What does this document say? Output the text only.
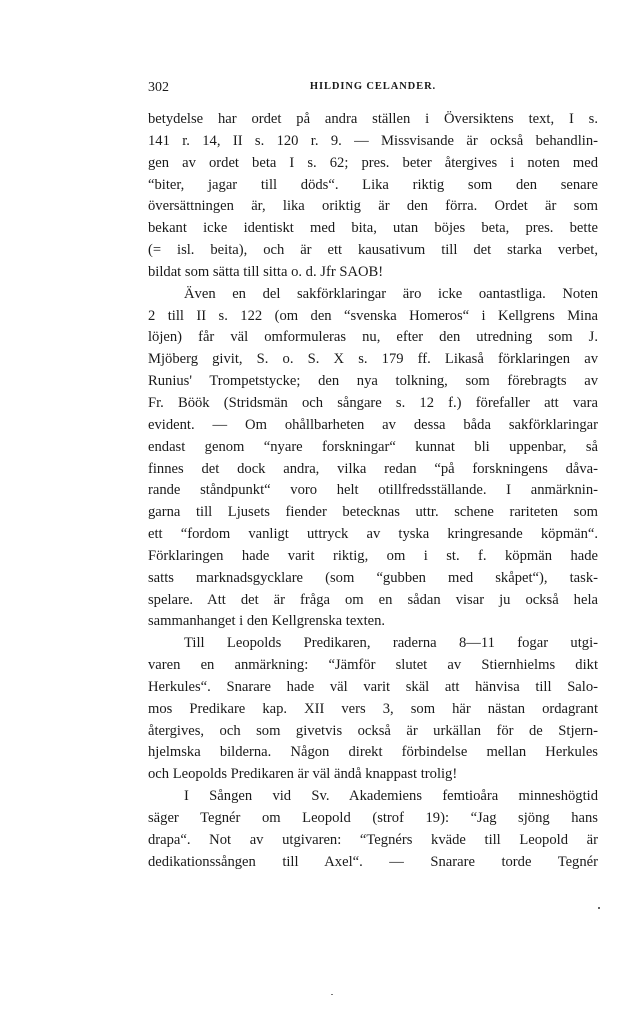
302	HILDING CELANDER.
betydelse har ordet på andra ställen i Översiktens text, I s.
141 r. 14, II s. 120 r. 9. — Missvisande är också behandlin-
gen av ordet beta I s. 62; pres. beter återgives i noten med
“biter, jagar till döds“. Lika riktig som den senare
översättningen är, lika oriktig är den förra. Ordet är som
bekant icke identiskt med bita, utan böjes beta, pres. bette
(= isl. beita), och är ett kausativum till det starka verbet,
bildat som sätta till sitta o. d. Jfr SAOB!
Även en del sakförklaringar äro icke oantastliga. Noten
2 till II s. 122 (om den “svenska Homeros“ i Kellgrens Mina
löjen) får väl omformuleras nu, efter den utredning som J.
Mjöberg givit, S. o. S. X s. 179 ff. Likaså förklaringen av
Runius' Trompetstycke; den nya tolkning, som förebragts av
Fr. Böök (Stridsmän och sångare s. 12 f.) förefaller att vara
evident. — Om ohållbarheten av dessa båda sakförklaringar
endast genom “nyare forskningar“ kunnat bli uppenbar, så
finnes det dock andra, vilka redan “på forskningens dåva-
rande ståndpunkt“ voro helt otillfredsställande. I anmärknin-
garna till Ljusets fiender betecknas uttr. schene rariteten som
ett “fordom vanligt uttryck av tyska kringresande köpmän“.
Förklaringen hade varit riktig, om i st. f. köpmän hade
satts marknadsgycklare (som “gubben med skåpet“), task-
spelare. Att det är fråga om en sådan visar ju också hela
sammanhanget i den Kellgrenska texten.
Till Leopolds Predikaren, raderna 8—11 fogar utgi-
varen en anmärkning: “Jämför slutet av Stiernhielms dikt
Herkules“. Snarare hade väl varit skäl att hänvisa till Salo-
mos Predikare kap. XII vers 3, som här nästan ordagrant
återgives, och som givetvis också är urkällan för de Stjern-
hjelmska bilderna. Någon direkt förbindelse mellan Herkules
och Leopolds Predikaren är väl ändå knappast trolig!
I Sången vid Sv. Akademiens femtioåra minneshögtid
säger Tegnér om Leopold (strof 19): “Jag sjöng hans
drapa“. Not av utgivaren: “Tegnérs kväde till Leopold är
dedikationssången till Axel“. — Snarare torde Tegnér
